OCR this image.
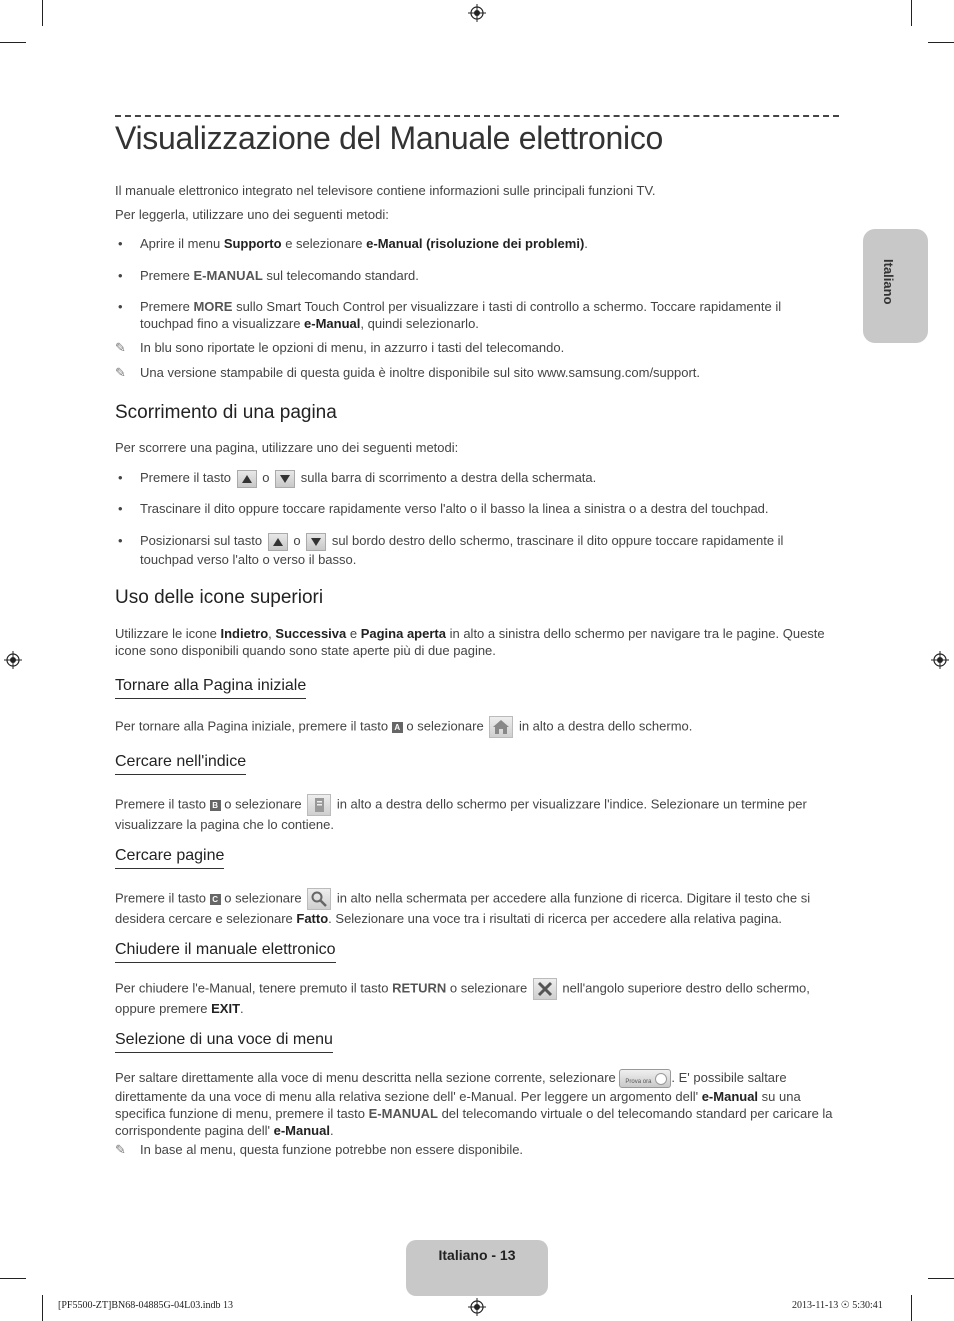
Visualizzazione del Manuale elettronico
Il manuale elettronico integrato nel televisore contiene informazioni sulle principali funzioni TV.
Per leggerla, utilizzare uno dei seguenti metodi:
• Aprire il menu Supporto e selezionare e-Manual (risoluzione dei problemi).
• Premere E-MANUAL sul telecomando standard.
• Premere MORE sullo Smart Touch Control per visualizzare i tasti di controllo a schermo. Toccare rapidamente il touchpad fino a visualizzare e-Manual, quindi selezionarlo.
✎ In blu sono riportate le opzioni di menu, in azzurro i tasti del telecomando.
✎ Una versione stampabile di questa guida è inoltre disponibile sul sito www.samsung.com/support.
Scorrimento di una pagina
Per scorrere una pagina, utilizzare uno dei seguenti metodi:
• Premere il tasto
o
sulla barra di scorrimento a destra della schermata.
• Trascinare il dito oppure toccare rapidamente verso l'alto o il basso la linea a sinistra o a destra del touchpad.
• Posizionarsi sul tasto
o
sul bordo destro dello schermo, trascinare il dito oppure toccare rapidamente il touchpad verso l'alto o verso il basso.
Uso delle icone superiori
Utilizzare le icone Indietro, Successiva e Pagina aperta in alto a sinistra dello schermo per navigare tra le pagine. Queste icone sono disponibili quando sono state aperte più di due pagine.
Tornare alla Pagina iniziale
Per tornare alla Pagina iniziale, premere il tasto A o selezionare
in alto a destra dello schermo.
Cercare nell'indice
Premere il tasto B o selezionare
in alto a destra dello schermo per visualizzare l'indice. Selezionare un termine per visualizzare la pagina che lo contiene.
Cercare pagine
Premere il tasto C o selezionare
in alto nella schermata per accedere alla funzione di ricerca. Digitare il testo che si desidera cercare e selezionare Fatto. Selezionare una voce tra i risultati di ricerca per accedere alla relativa pagina.
Chiudere il manuale elettronico
Per chiudere l'e-Manual, tenere premuto il tasto RETURN o selezionare
nell'angolo superiore destro dello schermo, oppure premere EXIT.
Selezione di una voce di menu
Per saltare direttamente alla voce di menu descritta nella sezione corrente, selezionare Prova ora . E' possibile saltare direttamente da una voce di menu alla relativa sezione dell' e-Manual. Per leggere un argomento dell' e-Manual su una specifica funzione di menu, premere il tasto E-MANUAL del telecomando virtuale o del telecomando standard per caricare la corrispondente pagina dell' e-Manual.
✎ In base al menu, questa funzione potrebbe non essere disponibile.
Italiano
Italiano - 13
[PF5500-ZT]BN68-04885G-04L03.indb 13	2013-11-13 ☉ 5:30:41
